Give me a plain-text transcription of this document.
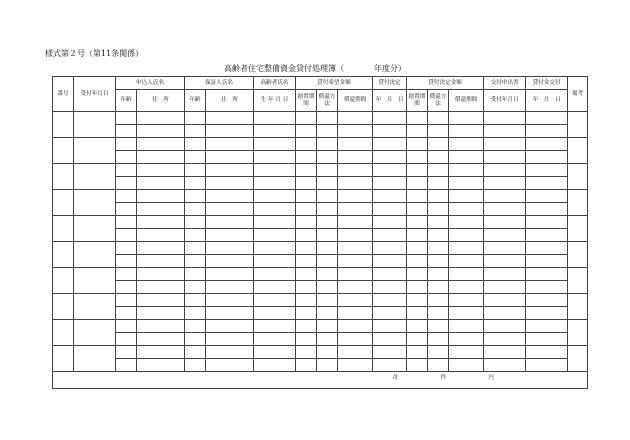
様式第２号（第11条関係）
高齢者住宅整備資金貸付処理簿（	年度分）
番号	受付年月日	申込人氏名		保証人氏名		高齢者氏名	貸付希望金額			貸付決定	貸付決定金額			交付申出書	貸付金交付	備考
		年齢	住　所	年齢	住　所	生 年 月 日	据置期間	償還方法	償還期間	年　月　日	据置期間	償還方法	償還期間	受付年月日	年　月　日	

計 件 円																
